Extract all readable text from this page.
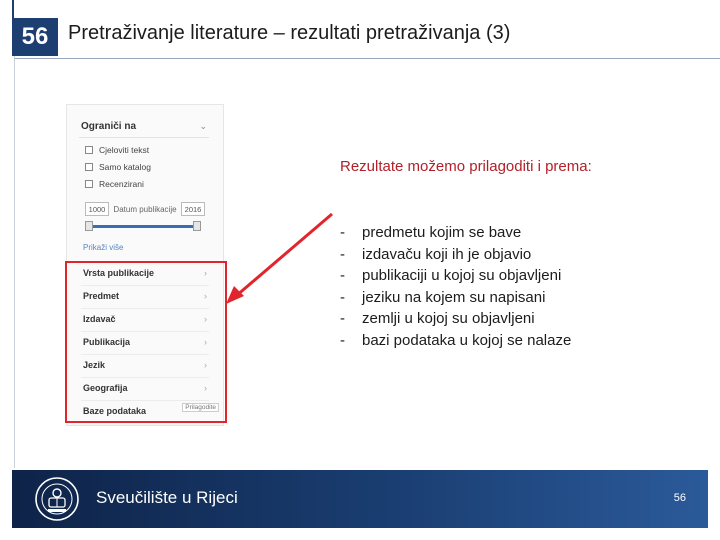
56 Pretraživanje literature – rezultati pretraživanja (3)
Ograniči na	⌄
Cjeloviti tekst
Samo katalog
Recenzirani
1000	Datum publikacije	2016
Prikaži više
Vrsta publikacije	›
Predmet	›
Izdavač	›
Publikacija	›
Jezik	›
Geografija	›
Baze podataka	Prilagodite
Rezultate možemo prilagoditi i prema:
-	predmetu kojim se bave
-	izdavaču koji ih je objavio
-	publikaciji u kojoj su objavljeni
-	jeziku na kojem su napisani
-	zemlji u kojoj su objavljeni
-	bazi podataka u kojoj se nalaze
Sveučilište u Rijeci	56
